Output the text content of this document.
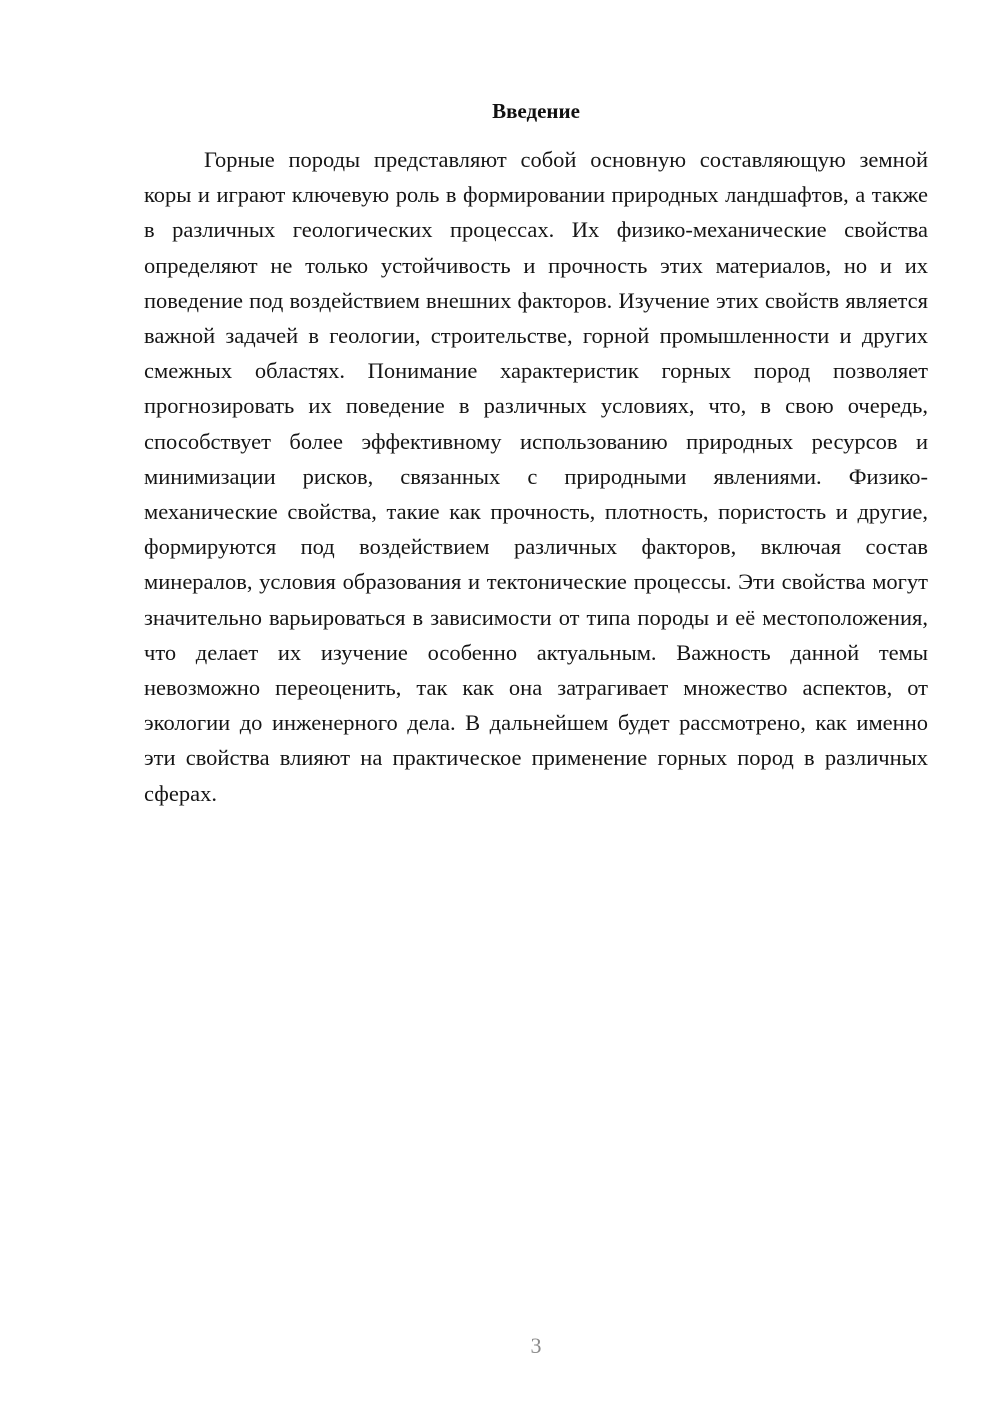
Введение

Горные породы представляют собой основную составляющую земной коры и играют ключевую роль в формировании природных ландшафтов, а также в различных геологических процессах. Их физико-механические свойства определяют не только устойчивость и прочность этих материалов, но и их поведение под воздействием внешних факторов. Изучение этих свойств является важной задачей в геологии, строительстве, горной промышленности и других смежных областях. Понимание характеристик горных пород позволяет прогнозировать их поведение в различных условиях, что, в свою очередь, способствует более эффективному использованию природных ресурсов и минимизации рисков, связанных с природными явлениями. Физико-механические свойства, такие как прочность, плотность, пористость и другие, формируются под воздействием различных факторов, включая состав минералов, условия образования и тектонические процессы. Эти свойства могут значительно варьироваться в зависимости от типа породы и её местоположения, что делает их изучение особенно актуальным. Важность данной темы невозможно переоценить, так как она затрагивает множество аспектов, от экологии до инженерного дела. В дальнейшем будет рассмотрено, как именно эти свойства влияют на практическое применение горных пород в различных сферах.

3
